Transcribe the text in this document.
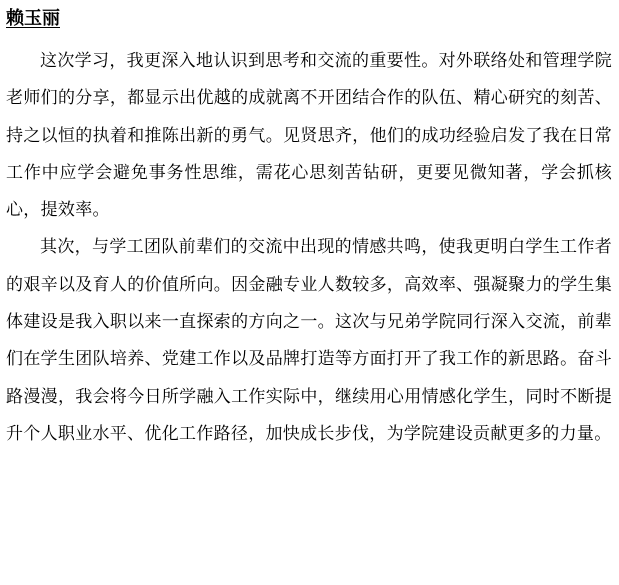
赖玉丽

这次学习，我更深入地认识到思考和交流的重要性。对外联络处和管理学院老师们的分享，都显示出优越的成就离不开团结合作的队伍、精心研究的刻苦、持之以恒的执着和推陈出新的勇气。见贤思齐，他们的成功经验启发了我在日常工作中应学会避免事务性思维，需花心思刻苦钻研，更要见微知著，学会抓核心，提效率。

其次，与学工团队前辈们的交流中出现的情感共鸣，使我更明白学生工作者的艰辛以及育人的价值所向。因金融专业人数较多，高效率、强凝聚力的学生集体建设是我入职以来一直探索的方向之一。这次与兄弟学院同行深入交流，前辈们在学生团队培养、党建工作以及品牌打造等方面打开了我工作的新思路。奋斗路漫漫，我会将今日所学融入工作实际中，继续用心用情感化学生，同时不断提升个人职业水平、优化工作路径，加快成长步伐，为学院建设贡献更多的力量。
